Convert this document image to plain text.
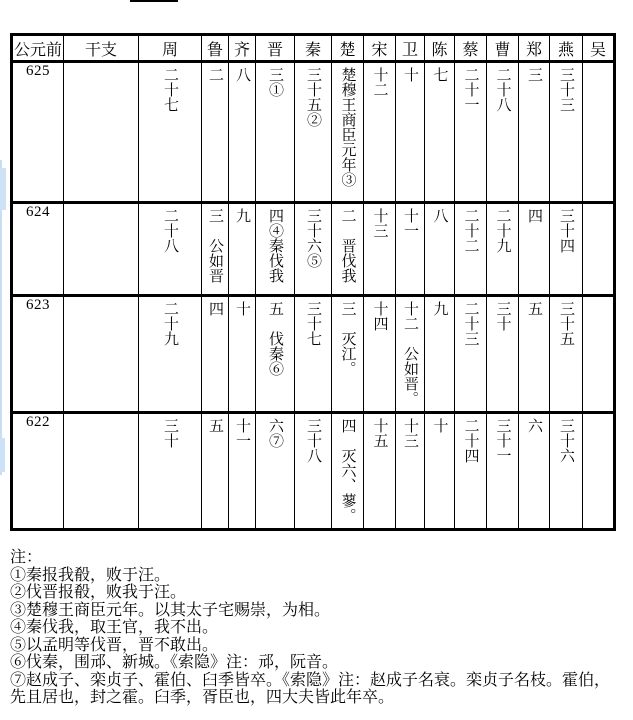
公元前	干支	周	鲁	齐	晋	秦	楚	宋	卫	陈	蔡	曹	郑	燕	吴
625		二十七	二	八	三①	三十五②	楚穆王商臣元年③	十二	十	七	二十一	二十八	三	三十三	
624		二十八	三　公如晋	九	四④秦伐我	三十六⑤	二　晋伐我	十三	十一	八	二十二	二十九	四	三十四	
623		二十九	四	十	五　伐秦⑥	三十七	三　灭江。	十四	十二　公如晋。	九	二十三	三十	五	三十五	
622		三十	五	十一	六⑦	三十八	四　灭六、蓼。	十五	十三	十	二十四	三十一	六	三十六	
注：
①秦报我殽，败于汪。
②伐晋报殽，败我于汪。
③楚穆王商臣元年。以其太子宅赐崇，为相。
④秦伐我，取王官，我不出。
⑤以孟明等伐晋，晋不敢出。
⑥伐秦，围邧、新城。《索隐》注：邧，阮音。
⑦赵成子、栾贞子、霍伯、臼季皆卒。《索隐》注：赵成子名衰。栾贞子名枝。霍伯，
先且居也，封之霍。臼季，胥臣也，四大夫皆此年卒。
